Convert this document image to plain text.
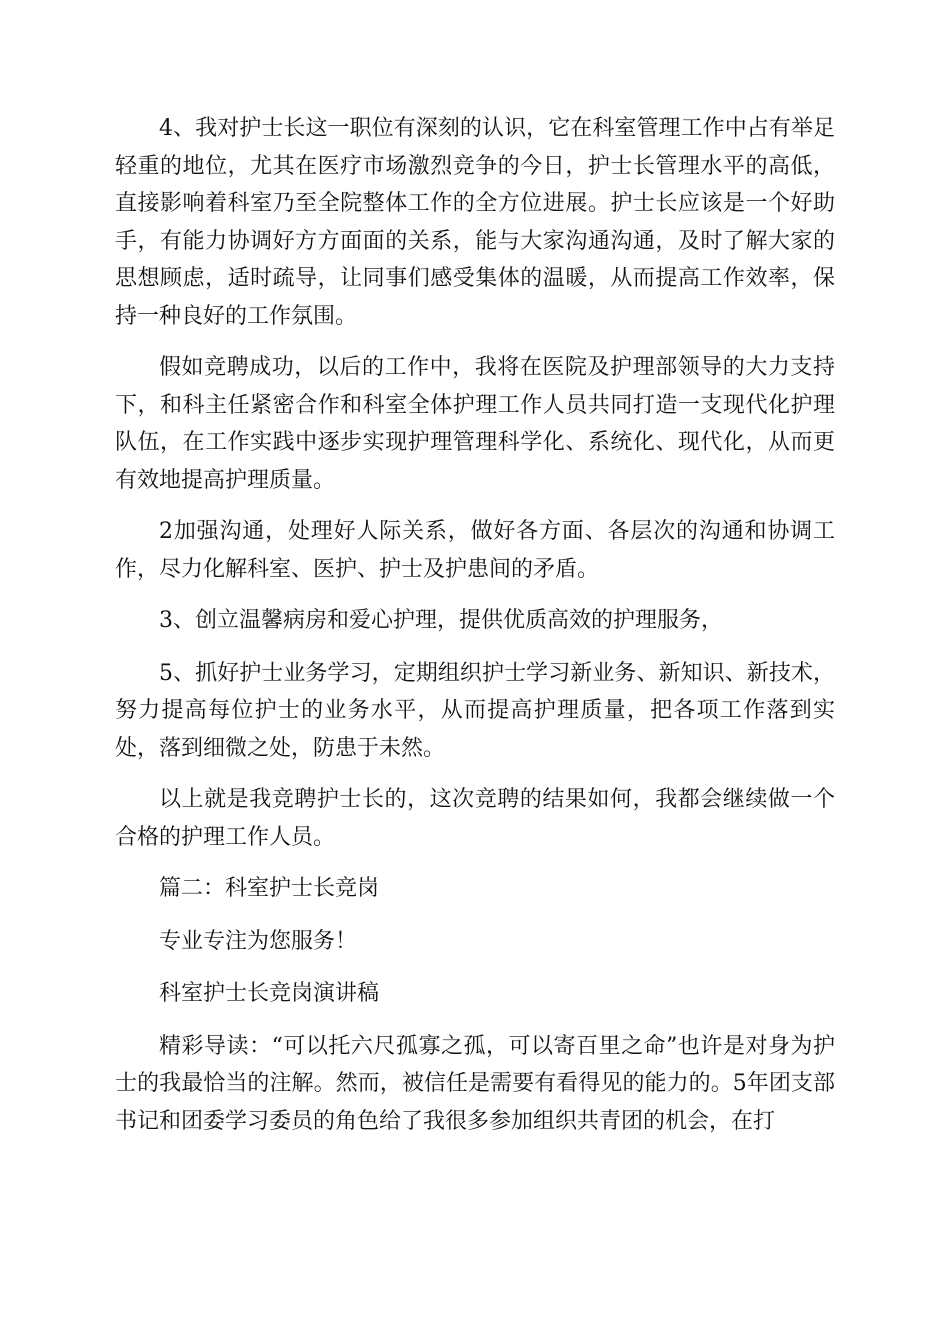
4、我对护士长这一职位有深刻的认识，它在科室管理工作中占有举足轻重的地位，尤其在医疗市场激烈竞争的今日，护士长管理水平的高低，直接影响着科室乃至全院整体工作的全方位进展。护士长应该是一个好助手，有能力协调好方方面面的关系，能与大家沟通沟通，及时了解大家的思想顾虑，适时疏导，让同事们感受集体的温暖，从而提高工作效率，保持一种良好的工作氛围。

假如竞聘成功，以后的工作中，我将在医院及护理部领导的大力支持下，和科主任紧密合作和科室全体护理工作人员共同打造一支现代化护理队伍，在工作实践中逐步实现护理管理科学化、系统化、现代化，从而更有效地提高护理质量。

2加强沟通，处理好人际关系，做好各方面、各层次的沟通和协调工作，尽力化解科室、医护、护士及护患间的矛盾。

3、创立温馨病房和爱心护理，提供优质高效的护理服务，

5、抓好护士业务学习，定期组织护士学习新业务、新知识、新技术，努力提高每位护士的业务水平，从而提高护理质量，把各项工作落到实处，落到细微之处，防患于未然。

以上就是我竞聘护士长的，这次竞聘的结果如何，我都会继续做一个合格的护理工作人员。

篇二：科室护士长竞岗

专业专注为您服务！

科室护士长竞岗演讲稿

精彩导读：“可以托六尺孤寡之孤，可以寄百里之命”也许是对身为护士的我最恰当的注解。然而，被信任是需要有看得见的能力的。5年团支部书记和团委学习委员的角色给了我很多参加组织共青团的机会，在打
